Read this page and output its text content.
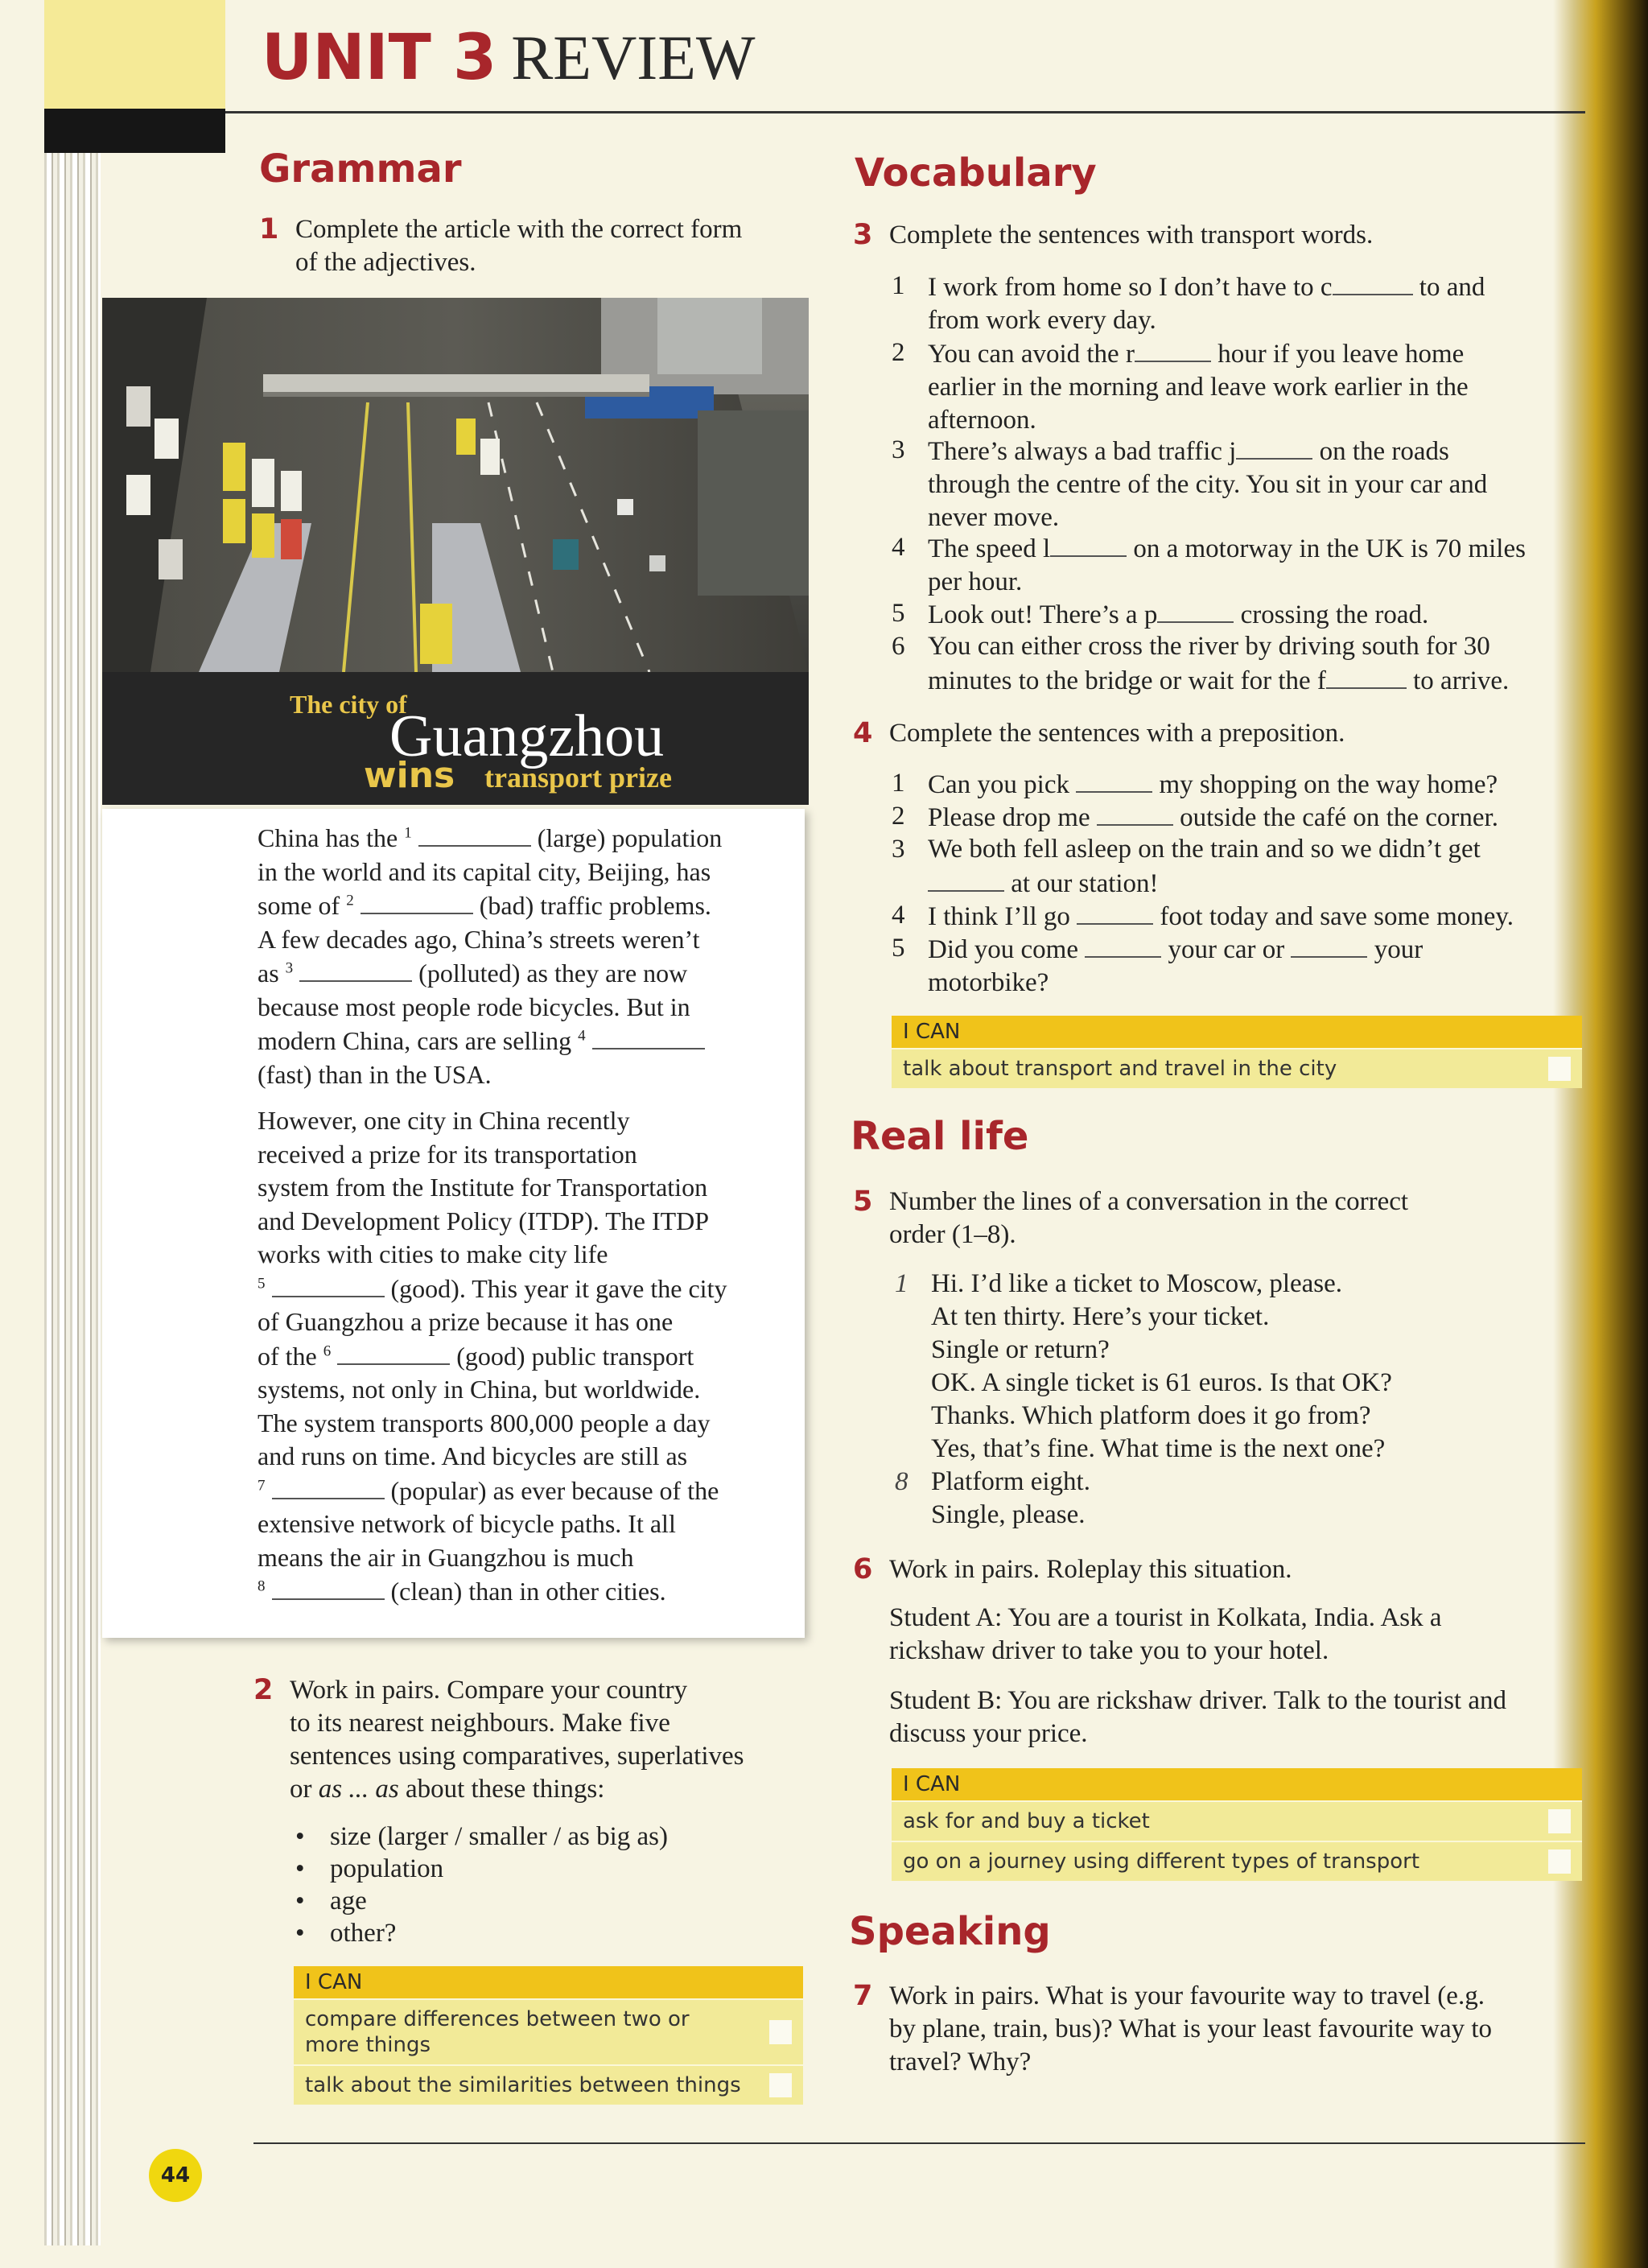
UNIT 3 REVIEW
Grammar
1 Complete the article with the correct form
of the adjectives.
The city of
Guangzhou
wins transport prize
China has the $^1$	(large) population
in the world and its capital city, Beijing, has
some of $^2$	(bad) traffic problems.
A few decades ago, China’s streets weren’t
as $^3$	(polluted) as they are now
because most people rode bicycles. But in
modern China, cars are selling $^4$
(fast) than in the USA.
However, one city in China recently
received a prize for its transportation
system from the Institute for Transportation
and Development Policy (ITDP). The ITDP
works with cities to make city life
$^5$	(good). This year it gave the city
of Guangzhou a prize because it has one
of the $^6$	(good) public transport
systems, not only in China, but worldwide.
The system transports 800,000 people a day
and runs on time. And bicycles are still as
$^7$	(popular) as ever because of the
extensive network of bicycle paths. It all
means the air in Guangzhou is much
$^8$	(clean) than in other cities.
2 Work in pairs. Compare your country
to its nearest neighbours. Make five
sentences using comparatives, superlatives
or as ... as about these things:
• size (larger / smaller / as big as)
• population
• age
• other?
I CAN
compare differences between two or more things
talk about the similarities between things
Vocabulary
3 Complete the sentences with transport words.
1 I work from home so I don’t have to c	to and
from work every day.
2 You can avoid the r	hour if you leave home
earlier in the morning and leave work earlier in the
afternoon.
3 There’s always a bad traffic j	on the roads
through the centre of the city. You sit in your car and
never move.
4 The speed l	on a motorway in the UK is 70 miles
per hour.
5 Look out! There’s a p	crossing the road.
6 You can either cross the river by driving south for 30
minutes to the bridge or wait for the f	to arrive.
4 Complete the sentences with a preposition.
1 Can you pick	my shopping on the way home?
2 Please drop me	outside the café on the corner.
3 We both fell asleep on the train and so we didn’t get
at our station!
4 I think I’ll go	foot today and save some money.
5 Did you come	your car or	your
motorbike?
I CAN
talk about transport and travel in the city
Real life
5 Number the lines of a conversation in the correct
order (1–8).
1 Hi. I’d like a ticket to Moscow, please.
At ten thirty. Here’s your ticket.
Single or return?
OK. A single ticket is 61 euros. Is that OK?
Thanks. Which platform does it go from?
Yes, that’s fine. What time is the next one?
8 Platform eight.
Single, please.
6 Work in pairs. Roleplay this situation.
Student A: You are a tourist in Kolkata, India. Ask a
rickshaw driver to take you to your hotel.
Student B: You are rickshaw driver. Talk to the tourist and
discuss your price.
I CAN
ask for and buy a ticket
go on a journey using different types of transport
Speaking
7 Work in pairs. What is your favourite way to travel (e.g.
by plane, train, bus)? What is your least favourite way to
travel? Why?
44
